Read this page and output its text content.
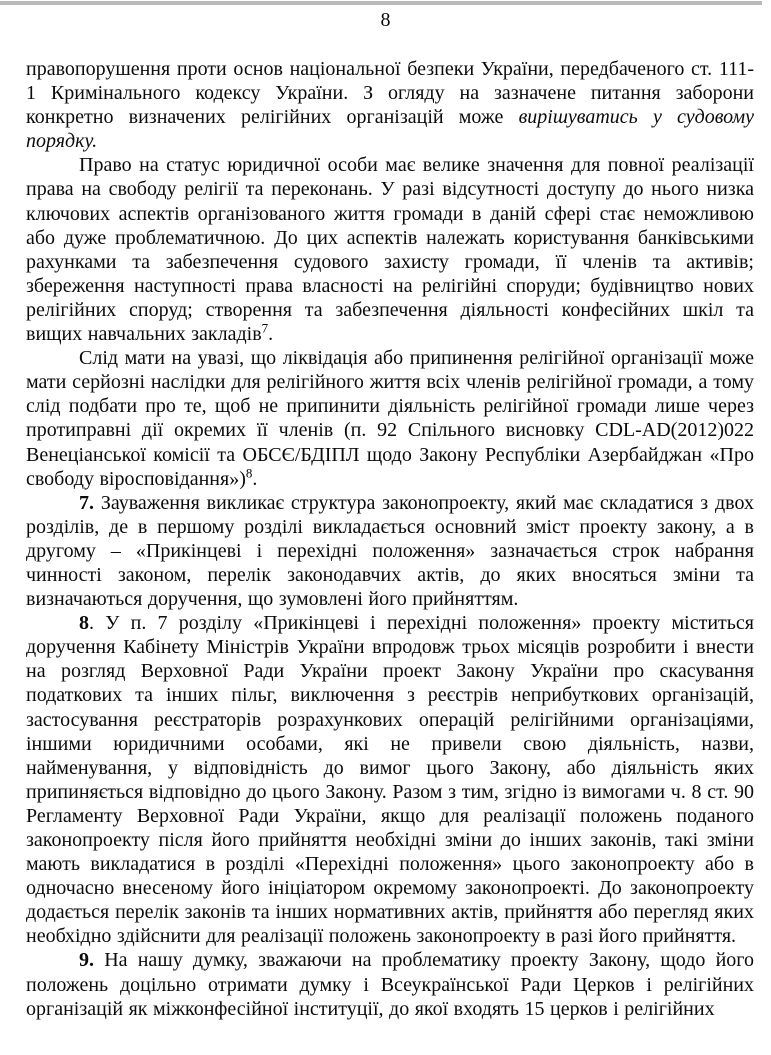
8

правопорушення проти основ національної безпеки України, передбаченого ст. 111-1 Кримінального кодексу України. З огляду на зазначене питання заборони конкретно визначених релігійних організацій може вирішуватись у судовому порядку.

Право на статус юридичної особи має велике значення для повної реалізації права на свободу релігії та переконань. У разі відсутності доступу до нього низка ключових аспектів організованого життя громади в даній сфері стає неможливою або дуже проблематичною. До цих аспектів належать користування банківськими рахунками та забезпечення судового захисту громади, її членів та активів; збереження наступності права власності на релігійні споруди; будівництво нових релігійних споруд; створення та забезпечення діяльності конфесійних шкіл та вищих навчальних закладів$^7$.

Слід мати на увазі, що ліквідація або припинення релігійної організації може мати серйозні наслідки для релігійного життя всіх членів релігійної громади, а тому слід подбати про те, щоб не припинити діяльність релігійної громади лише через протиправні дії окремих її членів (п. 92 Спільного висновку CDL-AD(2012)022 Венеціанської комісії та ОБСЄ/БДІПЛ щодо Закону Республіки Азербайджан «Про свободу віросповідання»)$^8$.

7. Зауваження викликає структура законопроекту, який має складатися з двох розділів, де в першому розділі викладається основний зміст проекту закону, а в другому – «Прикінцеві і перехідні положення» зазначається строк набрання чинності законом, перелік законодавчих актів, до яких вносяться зміни та визначаються доручення, що зумовлені його прийняттям.

8. У п. 7 розділу «Прикінцеві і перехідні положення» проекту міститься доручення Кабінету Міністрів України впродовж трьох місяців розробити і внести на розгляд Верховної Ради України проект Закону України про скасування податкових та інших пільг, виключення з реєстрів неприбуткових організацій, застосування реєстраторів розрахункових операцій релігійними організаціями, іншими юридичними особами, які не привели свою діяльність, назви, найменування, у відповідність до вимог цього Закону, або діяльність яких припиняється відповідно до цього Закону. Разом з тим, згідно із вимогами ч. 8 ст. 90 Регламенту Верховної Ради України, якщо для реалізації положень поданого законопроекту після його прийняття необхідні зміни до інших законів, такі зміни мають викладатися в розділі «Перехідні положення» цього законопроекту або в одночасно внесеному його ініціатором окремому законопроекті. До законопроекту додається перелік законів та інших нормативних актів, прийняття або перегляд яких необхідно здійснити для реалізації положень законопроекту в разі його прийняття.

9. На нашу думку, зважаючи на проблематику проекту Закону, щодо його положень доцільно отримати думку і Всеукраїнської Ради Церков і релігійних організацій як міжконфесійної інституції, до якої входять 15 церков і релігійних
